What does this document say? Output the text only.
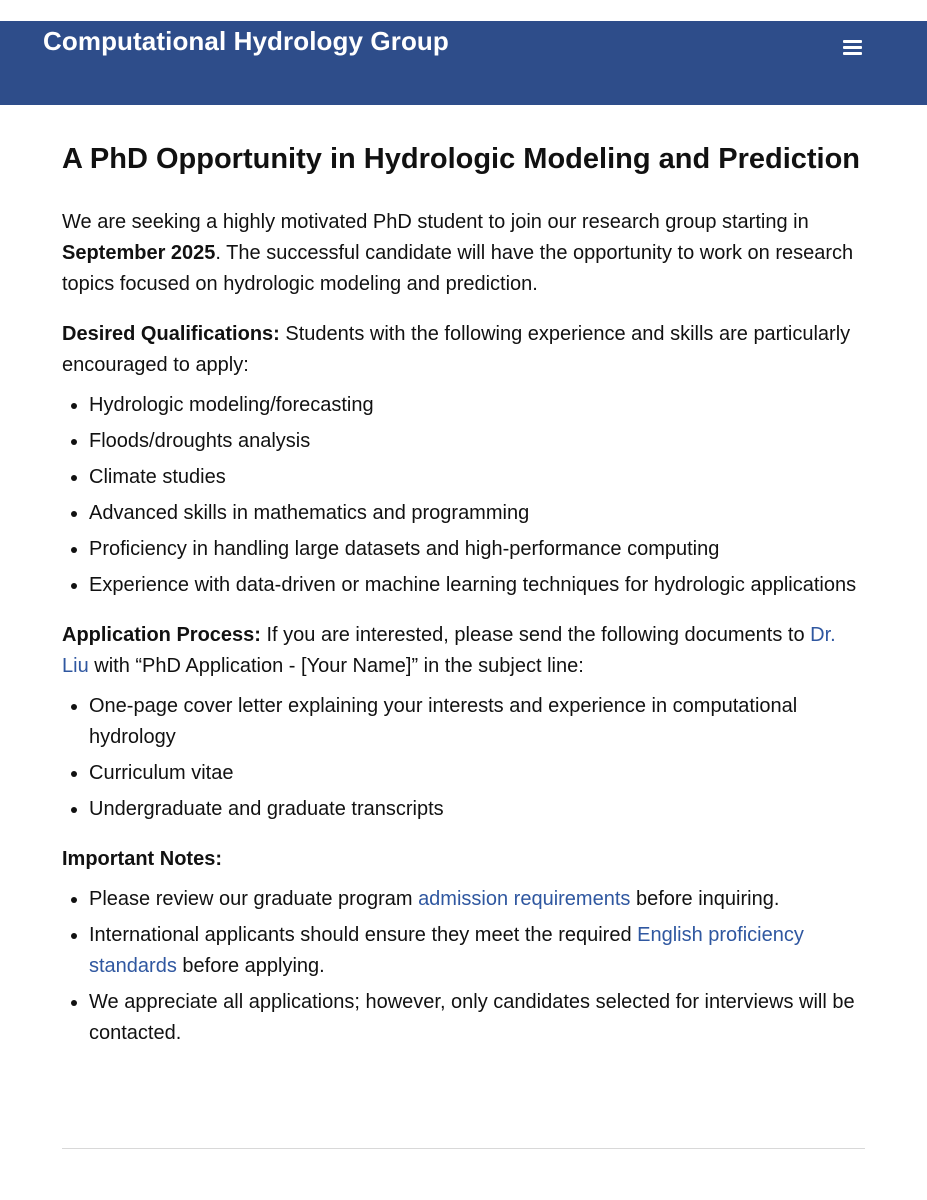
Computational Hydrology Group
A PhD Opportunity in Hydrologic Modeling and Prediction

We are seeking a highly motivated PhD student to join our research group starting in September 2025. The successful candidate will have the opportunity to work on research topics focused on hydrologic modeling and prediction.

Desired Qualifications: Students with the following experience and skills are particularly encouraged to apply:

• Hydrologic modeling/forecasting
• Floods/droughts analysis
• Climate studies
• Advanced skills in mathematics and programming
• Proficiency in handling large datasets and high-performance computing
• Experience with data-driven or machine learning techniques for hydrologic applications

Application Process: If you are interested, please send the following documents to Dr. Liu with “PhD Application - [Your Name]” in the subject line:

• One-page cover letter explaining your interests and experience in computational hydrology
• Curriculum vitae
• Undergraduate and graduate transcripts

Important Notes:

• Please review our graduate program admission requirements before inquiring.
• International applicants should ensure they meet the required English proficiency standards before applying.
• We appreciate all applications; however, only candidates selected for interviews will be contacted.
